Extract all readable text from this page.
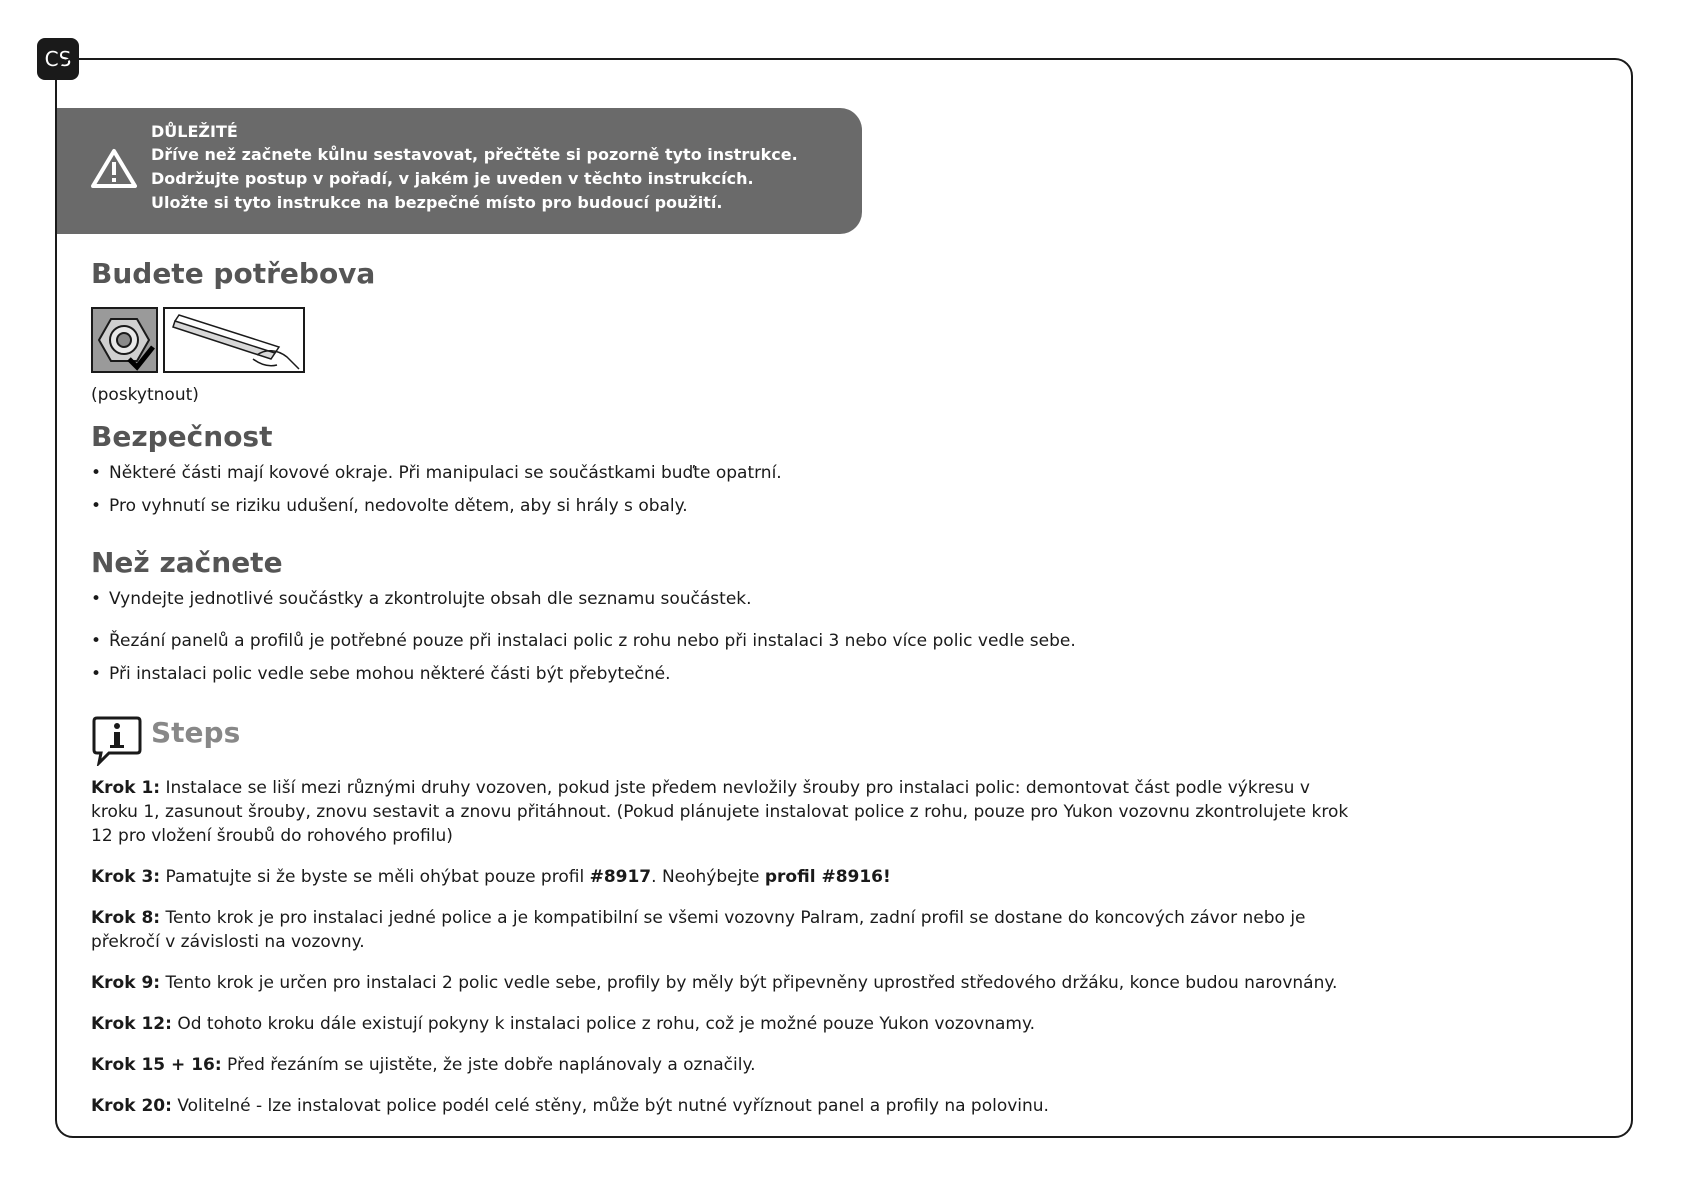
CS
DŮLEŽITÉ
Dříve než začnete kůlnu sestavovat, přečtěte si pozorně tyto instrukce.
Dodržujte postup v pořadí, v jakém je uveden v těchto instrukcích.
Uložte si tyto instrukce na bezpečné místo pro budoucí použití.
Budete potřebova
(poskytnout)
Bezpečnost
• Některé části mají kovové okraje. Při manipulaci se součástkami buďte opatrní.
• Pro vyhnutí se riziku udušení, nedovolte dětem, aby si hrály s obaly.
Než začnete
• Vyndejte jednotlivé součástky a zkontrolujte obsah dle seznamu součástek.
• Řezání panelů a profilů je potřebné pouze při instalaci polic z rohu nebo při instalaci 3 nebo více polic vedle sebe.
• Při instalaci polic vedle sebe mohou některé části být přebytečné.
Steps
Krok 1: Instalace se liší mezi různými druhy vozoven, pokud jste předem nevložily šrouby pro instalaci polic: demontovat část podle výkresu v kroku 1, zasunout šrouby, znovu sestavit a znovu přitáhnout. (Pokud plánujete instalovat police z rohu, pouze pro Yukon vozovnu zkontrolujete krok 12 pro vložení šroubů do rohového profilu)
Krok 3: Pamatujte si že byste se měli ohýbat pouze profil #8917. Neohýbejte profil #8916!
Krok 8: Tento krok je pro instalaci jedné police a je kompatibilní se všemi vozovny Palram, zadní profil se dostane do koncových závor nebo je překročí v závislosti na vozovny.
Krok 9: Tento krok je určen pro instalaci 2 polic vedle sebe, profily by měly být připevněny uprostřed středového držáku, konce budou narovnány.
Krok 12: Od tohoto kroku dále existují pokyny k instalaci police z rohu, což je možné pouze Yukon vozovnamy.
Krok 15 + 16: Před řezáním se ujistěte, že jste dobře naplánovaly a označily.
Krok 20: Volitelné - lze instalovat police podél celé stěny, může být nutné vyříznout panel a profily na polovinu.
